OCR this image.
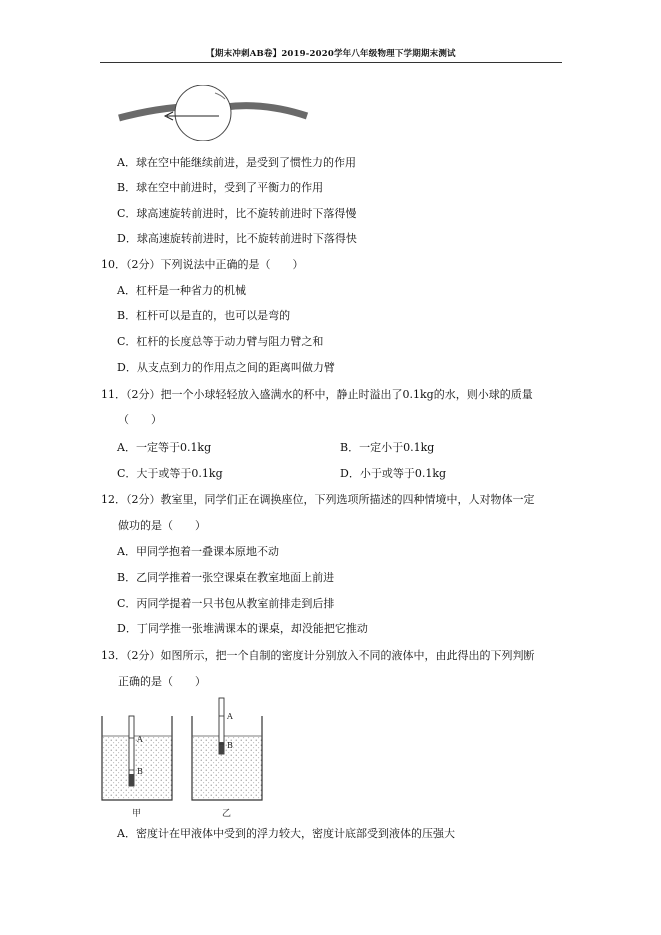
【期末冲刺AB卷】2019-2020学年八年级物理下学期期末测试
A．球在空中能继续前进，是受到了惯性力的作用
B．球在空中前进时，受到了平衡力的作用
C．球高速旋转前进时，比不旋转前进时下落得慢
D．球高速旋转前进时，比不旋转前进时下落得快
10．（2分）下列说法中正确的是（　　）
A．杠杆是一种省力的机械
B．杠杆可以是直的，也可以是弯的
C．杠杆的长度总等于动力臂与阻力臂之和
D．从支点到力的作用点之间的距离叫做力臂
11．（2分）把一个小球轻轻放入盛满水的杯中，静止时溢出了0.1kg的水，则小球的质量
（　　）
A．一定等于0.1kg	B．一定小于0.1kg
C．大于或等于0.1kg	D．小于或等于0.1kg
12．（2分）教室里，同学们正在调换座位，下列选项所描述的四种情境中，人对物体一定
做功的是（　　）
A．甲同学抱着一叠课本原地不动
B．乙同学推着一张空课桌在教室地面上前进
C．丙同学提着一只书包从教室前排走到后排
D．丁同学推一张堆满课本的课桌，却没能把它推动
13．（2分）如图所示，把一个自制的密度计分别放入不同的液体中，由此得出的下列判断
正确的是（　　）
A
B
A
B
甲	乙
A．密度计在甲液体中受到的浮力较大，密度计底部受到液体的压强大
